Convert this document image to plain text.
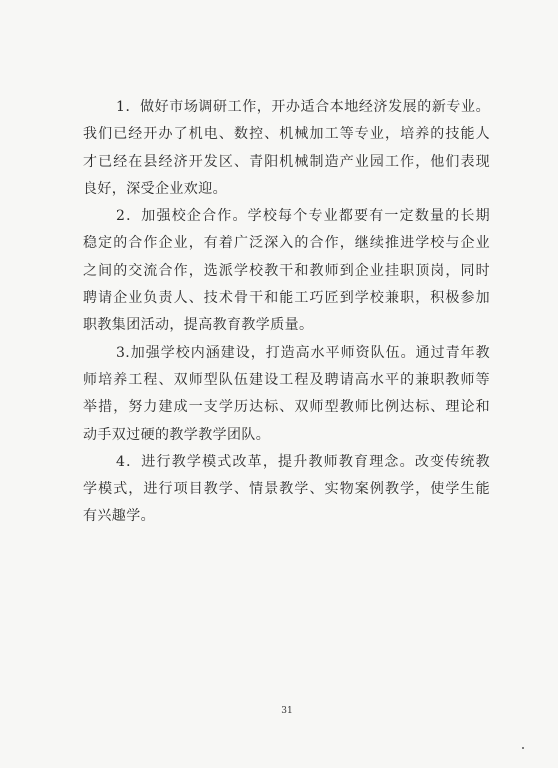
1．做好市场调研工作，开办适合本地经济发展的新专业。
我们已经开办了机电、数控、机械加工等专业，培养的技能人
才已经在县经济开发区、青阳机械制造产业园工作，他们表现
良好，深受企业欢迎。
2．加强校企合作。学校每个专业都要有一定数量的长期
稳定的合作企业，有着广泛深入的合作，继续推进学校与企业
之间的交流合作，选派学校教干和教师到企业挂职顶岗，同时
聘请企业负责人、技术骨干和能工巧匠到学校兼职，积极参加
职教集团活动，提高教育教学质量。
3.加强学校内涵建设，打造高水平师资队伍。通过青年教
师培养工程、双师型队伍建设工程及聘请高水平的兼职教师等
举措，努力建成一支学历达标、双师型教师比例达标、理论和
动手双过硬的教学教学团队。
4．进行教学模式改革，提升教师教育理念。改变传统教
学模式，进行项目教学、情景教学、实物案例教学，使学生能
有兴趣学。
31
